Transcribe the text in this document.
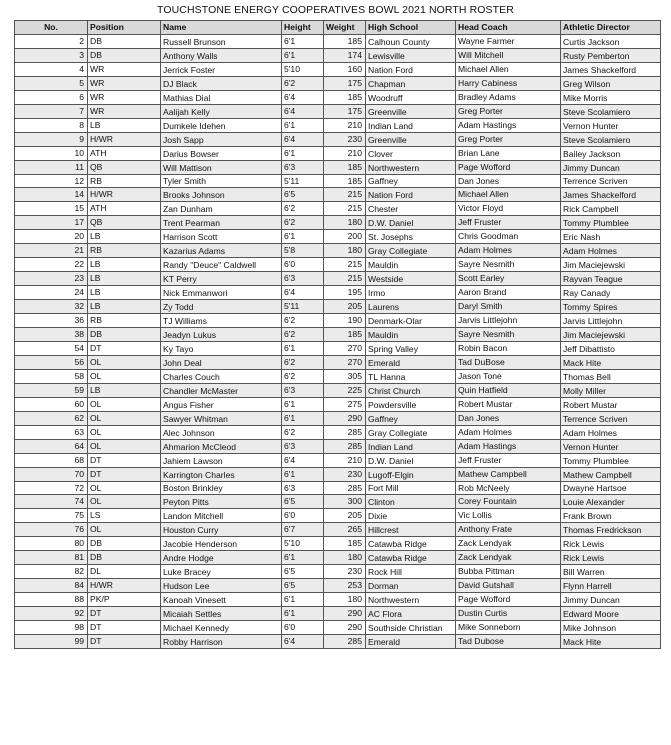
TOUCHSTONE ENERGY COOPERATIVES BOWL 2021 NORTH ROSTER
No.	Position	Name	Height	Weight	High School	Head Coach	Athletic Director
2	DB	Russell Brunson	6'1	185	Calhoun County	Wayne Farmer	Curtis Jackson
3	DB	Anthony Walls	6'1	174	Lewisville	Will Mitchell	Rusty Pemberton
4	WR	Jerrick Foster	5'10	160	Nation Ford	Michael Allen	James Shackelford
5	WR	DJ Black	6'2	175	Chapman	Harry Cabiness	Greg Wilson
6	WR	Mathias Dial	6'4	185	Woodruff	Bradley Adams	Mike Morris
7	WR	Aalijah Kelly	6'4	175	Greenville	Greg Porter	Steve Scolamiero
8	LB	Dumkele Idehen	6'1	210	Indian Land	Adam Hastings	Vernon Hunter
9	H/WR	Josh Sapp	6'4	230	Greenville	Greg Porter	Steve Scolamiero
10	ATH	Darius Bowser	6'1	210	Clover	Brian Lane	Bailey Jackson
11	QB	Will Mattison	6'3	185	Northwestern	Page Wofford	Jimmy Duncan
12	RB	Tyler Smith	5'11	185	Gaffney	Dan Jones	Terrence Scriven
14	H/WR	Brooks Johnson	6'5	215	Nation Ford	Michael Allen	James Shackelford
15	ATH	Zan Dunham	6'2	215	Chester	Victor Floyd	Rick Campbell
17	QB	Trent Pearman	6'2	180	D.W. Daniel	Jeff Fruster	Tommy Plumblee
20	LB	Harrison Scott	6'1	200	St. Josephs	Chris Goodman	Eric Nash
21	RB	Kazarius Adams	5'8	180	Gray Collegiate	Adam Holmes	Adam Holmes
22	LB	Randy "Deuce" Caldwell	6'0	215	Mauldin	Sayre Nesmith	Jim Maciejewski
23	LB	KT Perry	6'3	215	Westside	Scott Earley	Rayvan Teague
24	LB	Nick Emmanwori	6'4	195	Irmo	Aaron Brand	Ray Canady
32	LB	Zy Todd	5'11	205	Laurens	Daryl Smith	Tommy Spires
36	RB	TJ Williams	6'2	190	Denmark-Olar	Jarvis Littlejohn	Jarvis Littlejohn
38	DB	Jeadyn Lukus	6'2	185	Mauldin	Sayre Nesmith	Jim Maciejewski
54	DT	Ky Tayo	6'1	270	Spring Valley	Robin Bacon	Jeff Dibattisto
56	OL	John Deal	6'2	270	Emerald	Tad DuBose	Mack Hite
58	OL	Charles Couch	6'2	305	TL Hanna	Jason Tone	Thomas Bell
59	LB	Chandler McMaster	6'3	225	Christ Church	Quin Hatfield	Molly Miller
60	OL	Angus Fisher	6'1	275	Powdersville	Robert Mustar	Robert Mustar
62	OL	Sawyer Whitman	6'1	290	Gaffney	Dan Jones	Terrence Scriven
63	OL	Alec Johnson	6'2	285	Gray Collegiate	Adam Holmes	Adam Holmes
64	OL	Ahmarion McCleod	6'3	285	Indian Land	Adam Hastings	Vernon Hunter
68	DT	Jahiem Lawson	6'4	210	D.W. Daniel	Jeff Fruster	Tommy Plumblee
70	DT	Karrington Charles	6'1	230	Lugoff-Elgin	Mathew Campbell	Mathew Campbell
72	OL	Boston Brinkley	6'3	285	Fort Mill	Rob McNeely	Dwayne Hartsoe
74	OL	Peyton Pitts	6'5	300	Clinton	Corey Fountain	Louie Alexander
75	LS	Landon Mitchell	6'0	205	Dixie	Vic Lollis	Frank Brown
76	OL	Houston Curry	6'7	265	Hillcrest	Anthony Frate	Thomas Fredrickson
80	DB	Jacobie Henderson	5'10	185	Catawba Ridge	Zack Lendyak	Rick Lewis
81	DB	Andre Hodge	6'1	180	Catawba Ridge	Zack Lendyak	Rick Lewis
82	DL	Luke Bracey	6'5	230	Rock Hill	Bubba Pittman	Bill Warren
84	H/WR	Hudson Lee	6'5	253	Dorman	David Gutshall	Flynn Harrell
88	PK/P	Kanoah Vinesett	6'1	180	Northwestern	Page Wofford	Jimmy Duncan
92	DT	Micaiah Settles	6'1	290	AC Flora	Dustin Curtis	Edward Moore
98	DT	Michael Kennedy	6'0	290	Southside Christian	Mike Sonneborn	Mike Johnson
99	DT	Robby Harrison	6'4	285	Emerald	Tad Dubose	Mack Hite
